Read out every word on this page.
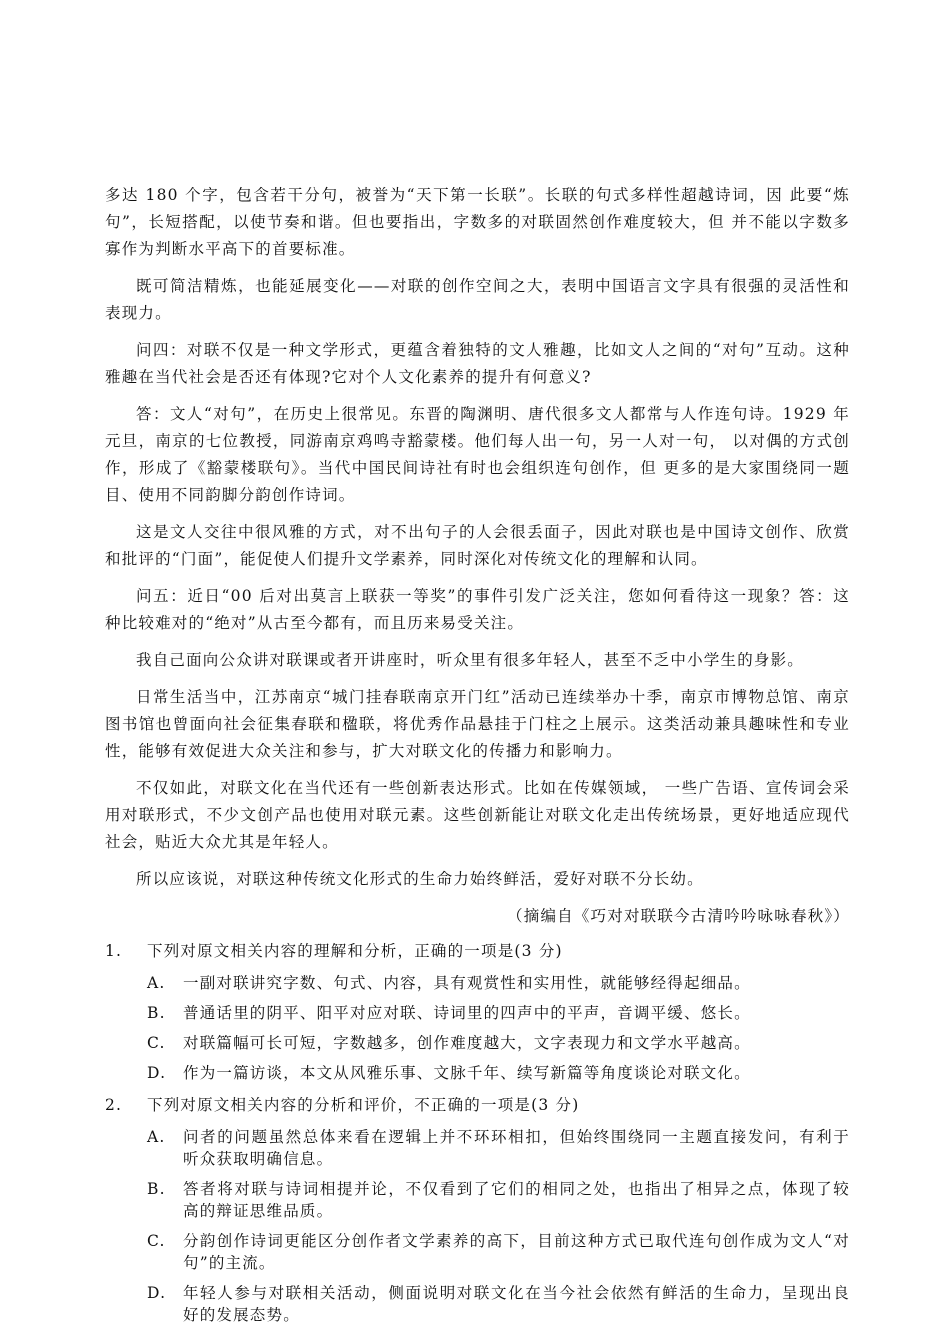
多达 180 个字，包含若干分句，被誉为“天下第一长联”。长联的句式多样性超越诗词，因 此要“炼句”，长短搭配，以使节奏和谐。但也要指出，字数多的对联固然创作难度较大，但 并不能以字数多寡作为判断水平高下的首要标准。

既可简洁精炼，也能延展变化——对联的创作空间之大，表明中国语言文字具有很强的灵活性和表现力。

问四：对联不仅是一种文学形式，更蕴含着独特的文人雅趣，比如文人之间的“对句”互动。这种雅趣在当代社会是否还有体现?它对个人文化素养的提升有何意义?

答：文人“对句”，在历史上很常见。东晋的陶渊明、唐代很多文人都常与人作连句诗。1929 年元旦，南京的七位教授，同游南京鸡鸣寺豁蒙楼。他们每人出一句，另一人对一句， 以对偶的方式创作，形成了《豁蒙楼联句》。当代中国民间诗社有时也会组织连句创作，但 更多的是大家围绕同一题目、使用不同韵脚分韵创作诗词。

这是文人交往中很风雅的方式，对不出句子的人会很丢面子，因此对联也是中国诗文创作、欣赏和批评的“门面”，能促使人们提升文学素养，同时深化对传统文化的理解和认同。

问五：近日“00 后对出莫言上联获一等奖”的事件引发广泛关注，您如何看待这一现象？答：这种比较难对的“绝对”从古至今都有，而且历来易受关注。

我自己面向公众讲对联课或者开讲座时，听众里有很多年轻人，甚至不乏中小学生的身影。

日常生活当中，江苏南京“城门挂春联南京开门红”活动已连续举办十季，南京市博物总馆、南京图书馆也曾面向社会征集春联和楹联，将优秀作品悬挂于门柱之上展示。这类活动兼具趣味性和专业性，能够有效促进大众关注和参与，扩大对联文化的传播力和影响力。

不仅如此，对联文化在当代还有一些创新表达形式。比如在传媒领域， 一些广告语、宣传词会采用对联形式，不少文创产品也使用对联元素。这些创新能让对联文化走出传统场景，更好地适应现代社会，贴近大众尤其是年轻人。

所以应该说，对联这种传统文化形式的生命力始终鲜活，爱好对联不分长幼。

（摘编自《巧对对联联今古清吟吟咏咏春秋》）

1. 下列对原文相关内容的理解和分析，正确的一项是(3 分)

A. 一副对联讲究字数、句式、内容，具有观赏性和实用性，就能够经得起细品。

B. 普通话里的阴平、阳平对应对联、诗词里的四声中的平声，音调平缓、悠长。

C. 对联篇幅可长可短，字数越多，创作难度越大，文字表现力和文学水平越高。

D. 作为一篇访谈，本文从风雅乐事、文脉千年、续写新篇等角度谈论对联文化。

2. 下列对原文相关内容的分析和评价，不正确的一项是(3 分)

A. 问者的问题虽然总体来看在逻辑上并不环环相扣，但始终围绕同一主题直接发问，有利于听众获取明确信息。

B. 答者将对联与诗词相提并论，不仅看到了它们的相同之处，也指出了相异之点，体现了较高的辩证思维品质。

C. 分韵创作诗词更能区分创作者文学素养的高下，目前这种方式已取代连句创作成为文人“对句”的主流。

D. 年轻人参与对联相关活动，侧面说明对联文化在当今社会依然有鲜活的生命力，呈现出良好的发展态势。
